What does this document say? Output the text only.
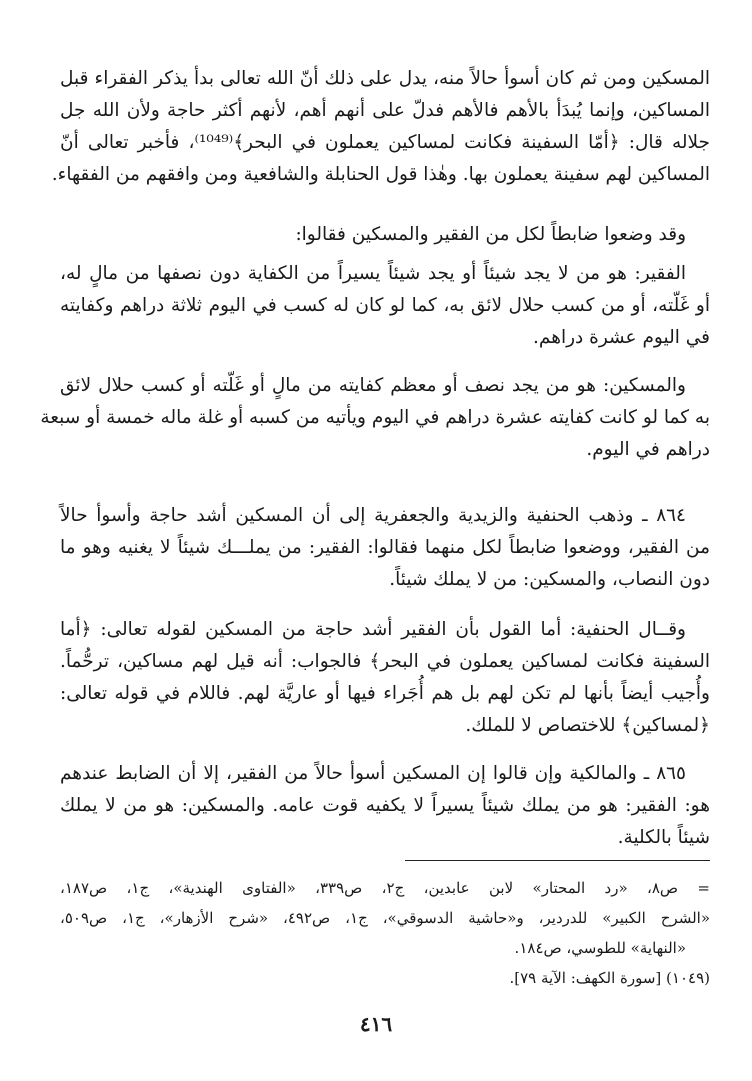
المسكين ومن ثم كان أسوأ حالاً منه، يدل على ذلك أنّ الله تعالى بدأ يذكر الفقراء قبل
المساكين، وإنما يُبدَأ بالأهم فالأهم فدلّ على أنهم أهم، لأنهم أكثر حاجة ولأن الله جل
جلاله قال: ﴿أمّا السفينة فكانت لمساكين يعملون في البحر﴾⁽¹⁰⁴⁹⁾، فأخبر تعالى أنّ
المساكين لهم سفينة يعملون بها. وهٰذا قول الحنابلة والشافعية ومن وافقهم من الفقهاء.
وقد وضعوا ضابطاً لكل من الفقير والمسكين فقالوا:
الفقير: هو من لا يجد شيئاً أو يجد شيئاً يسيراً من الكفاية دون نصفها من مالٍ له،
أو غَلّته، أو من كسب حلال لائق به، كما لو كان له كسب في اليوم ثلاثة دراهم وكفايته
في اليوم عشرة دراهم.
والمسكين: هو من يجد نصف أو معظم كفايته من مالٍ أو غَلّته أو كسب حلال لائق
به كما لو كانت كفايته عشرة دراهم في اليوم ويأتيه من كسبه أو غلة ماله خمسة أو سبعة
دراهم في اليوم.
٨٦٤ ـ وذهب الحنفية والزيدية والجعفرية إلى أن المسكين أشد حاجة وأسوأ حالاً
من الفقير، ووضعوا ضابطاً لكل منهما فقالوا: الفقير: من يملـــك شيئاً لا يغنيه وهو ما
دون النصاب، والمسكين: من لا يملك شيئاً.
وقــال الحنفية: أما القول بأن الفقير أشد حاجة من المسكين لقوله تعالى: ﴿أما
السفينة فكانت لمساكين يعملون في البحر﴾ فالجواب: أنه قيل لهم مساكين، ترحُّماً.
وأُجيب أيضاً بأنها لم تكن لهم بل هم أُجَراء فيها أو عاريَّة لهم. فاللام في قوله تعالى:
﴿لمساكين﴾ للاختصاص لا للملك.
٨٦٥ ـ والمالكية وإن قالوا إن المسكين أسوأ حالاً من الفقير، إلا أن الضابط عندهم
هو: الفقير: هو من يملك شيئاً يسيراً لا يكفيه قوت عامه. والمسكين: هو من لا يملك
شيئاً بالكلية.
= ص٨، «رد المحتار» لابن عابدين، ج٢، ص٣٣٩، «الفتاوى الهندية»، ج١، ص١٨٧،
«الشرح الكبير» للدردير، و«حاشية الدسوقي»، ج١، ص٤٩٢، «شرح الأزهار»، ج١، ص٥٠٩،
«النهاية» للطوسي، ص١٨٤.
(١٠٤٩) [سورة الكهف: الآية ٧٩].
٤١٦
